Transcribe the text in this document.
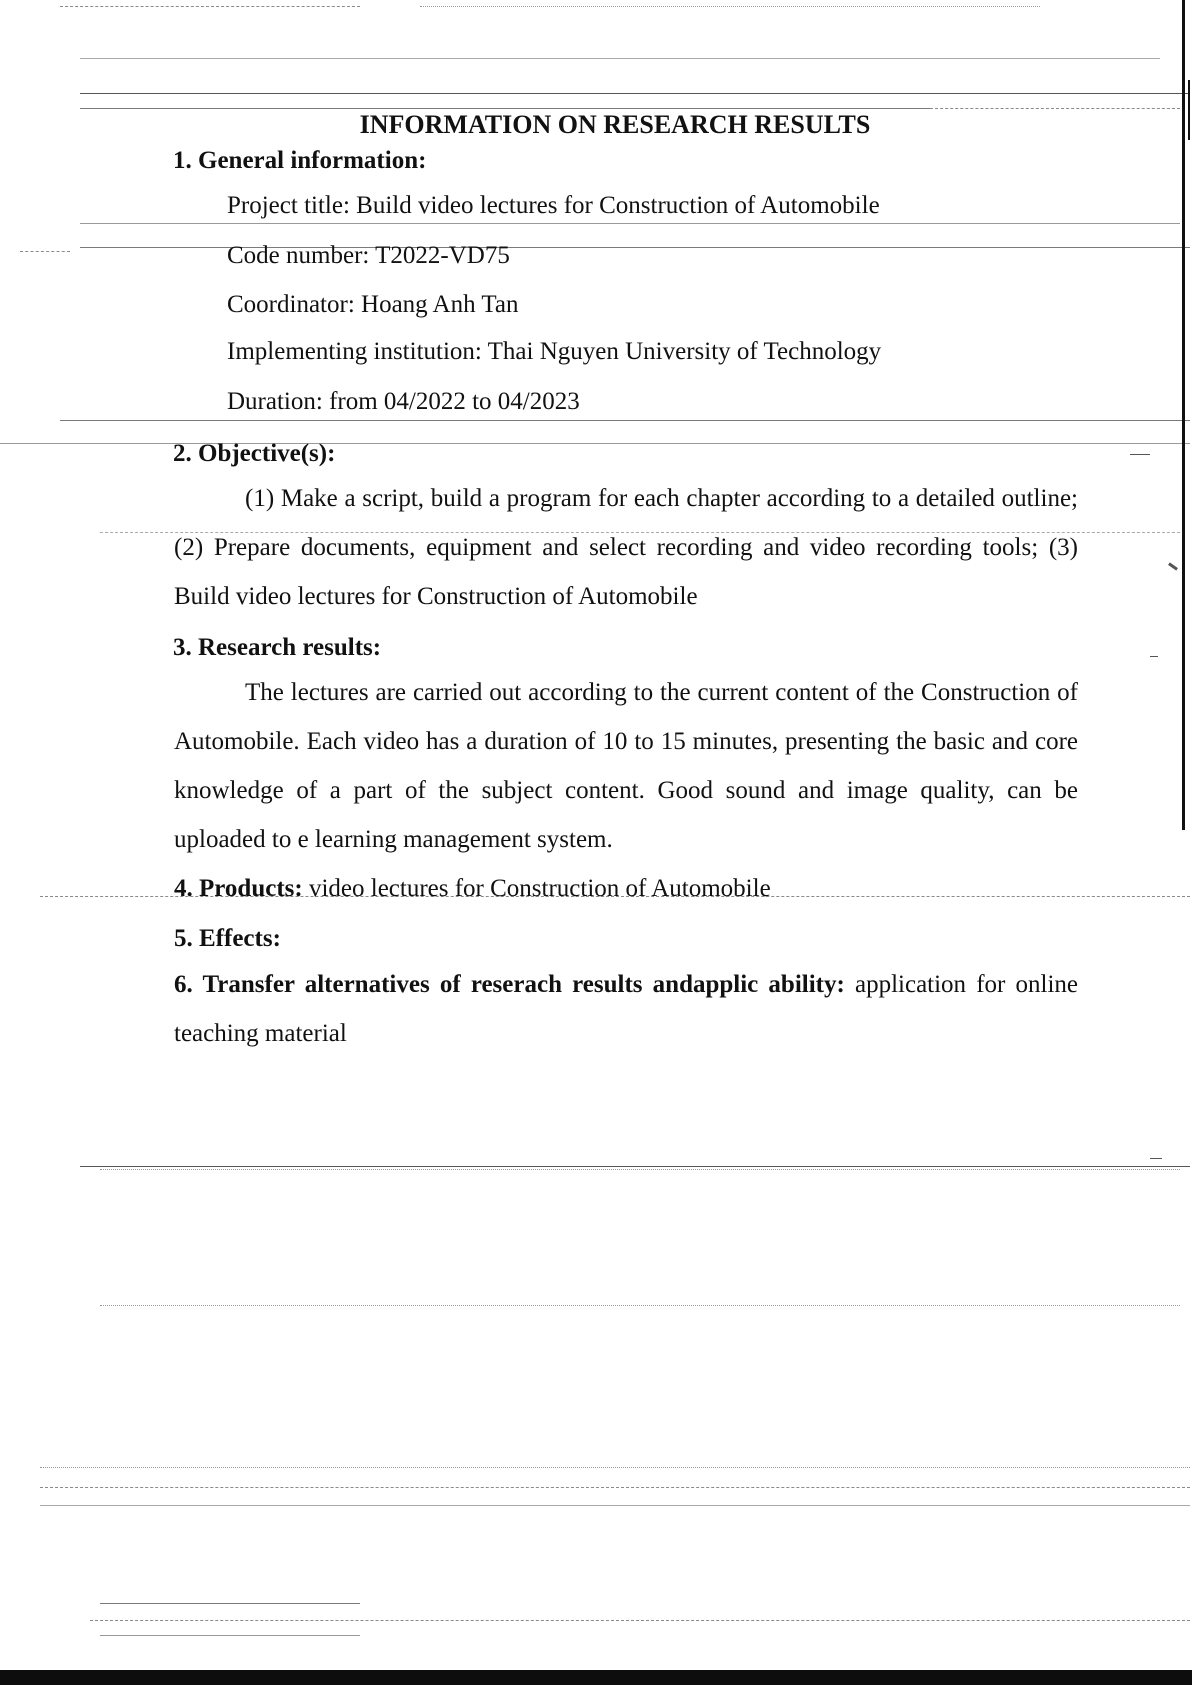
INFORMATION ON RESEARCH RESULTS
1. General information:
Project title: Build video lectures for Construction of Automobile
Code number: T2022-VD75
Coordinator: Hoang Anh Tan
Implementing institution: Thai Nguyen University of Technology
Duration: from 04/2022 to 04/2023
2. Objective(s):
(1) Make a script, build a program for each chapter according to a detailed outline; (2) Prepare documents, equipment and select recording and video recording tools; (3) Build video lectures for Construction of Automobile
3. Research results:
The lectures are carried out according to the current content of the Construction of Automobile. Each video has a duration of 10 to 15 minutes, presenting the basic and core knowledge of a part of the subject content. Good sound and image quality, can be uploaded to e learning management system.
4. Products: video lectures for Construction of Automobile
5. Effects:
6. Transfer alternatives of reserach results andapplic ability: application for online teaching material
